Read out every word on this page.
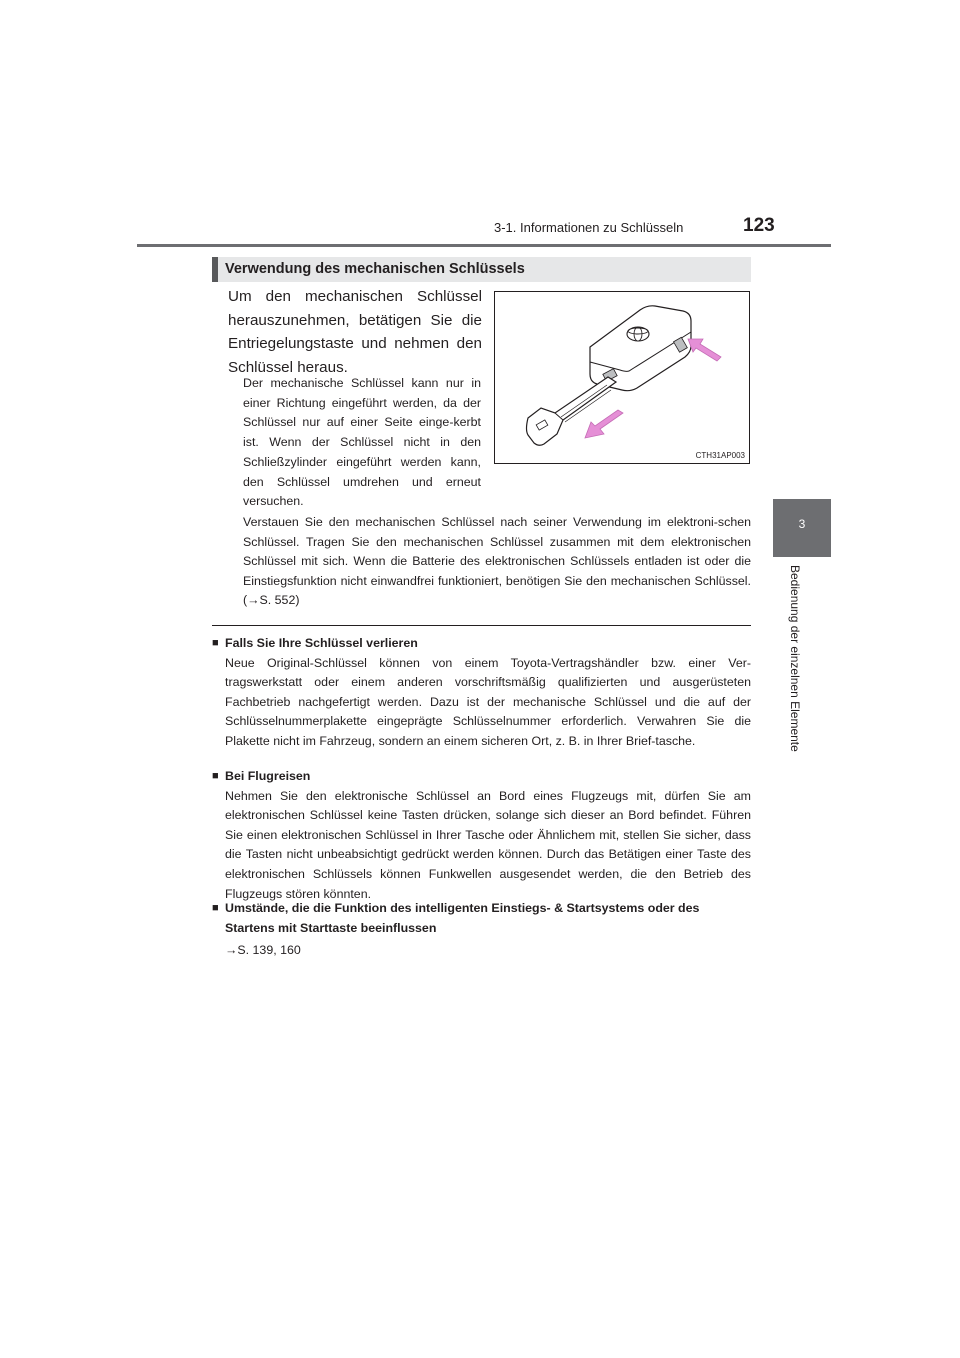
3-1. Informationen zu Schlüsseln	123
3
Bedienung der einzelnen Elemente
Verwendung des mechanischen Schlüssels
Um den mechanischen Schlüssel herauszunehmen, betätigen Sie die Entriegelungstaste und nehmen den Schlüssel heraus.
Der mechanische Schlüssel kann nur in einer Richtung eingeführt werden, da der Schlüssel nur auf einer Seite einge-kerbt ist. Wenn der Schlüssel nicht in den Schließzylinder eingeführt werden kann, den Schlüssel umdrehen und erneut versuchen.
CTH31AP003
Verstauen Sie den mechanischen Schlüssel nach seiner Verwendung im elektroni-schen Schlüssel. Tragen Sie den mechanischen Schlüssel zusammen mit dem elektronischen Schlüssel mit sich. Wenn die Batterie des elektronischen Schlüssels entladen ist oder die Einstiegsfunktion nicht einwandfrei funktioniert, benötigen Sie den mechanischen Schlüssel. (→S. 552)
■ Falls Sie Ihre Schlüssel verlieren
Neue Original-Schlüssel können von einem Toyota-Vertragshändler bzw. einer Ver-tragswerkstatt oder einem anderen vorschriftsmäßig qualifizierten und ausgerüsteten Fachbetrieb nachgefertigt werden. Dazu ist der mechanische Schlüssel und die auf der Schlüsselnummerplakette eingeprägte Schlüsselnummer erforderlich. Verwahren Sie die Plakette nicht im Fahrzeug, sondern an einem sicheren Ort, z. B. in Ihrer Brief-tasche.
■ Bei Flugreisen
Nehmen Sie den elektronische Schlüssel an Bord eines Flugzeugs mit, dürfen Sie am elektronischen Schlüssel keine Tasten drücken, solange sich dieser an Bord befindet. Führen Sie einen elektronischen Schlüssel in Ihrer Tasche oder Ähnlichem mit, stellen Sie sicher, dass die Tasten nicht unbeabsichtigt gedrückt werden können. Durch das Betätigen einer Taste des elektronischen Schlüssels können Funkwellen ausgesendet werden, die den Betrieb des Flugzeugs stören könnten.
■ Umstände, die die Funktion des intelligenten Einstiegs- & Startsystems oder des Startens mit Starttaste beeinflussen
→S. 139, 160
